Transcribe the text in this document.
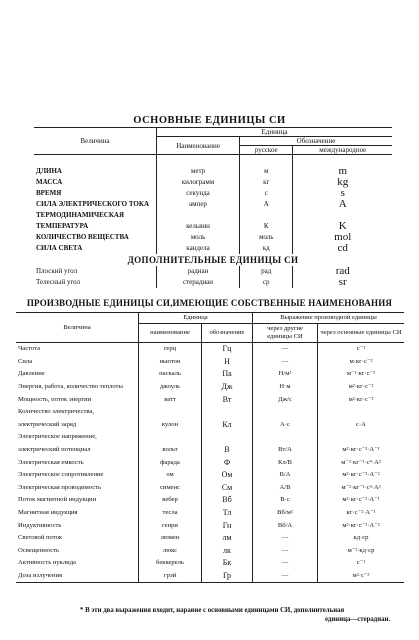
ОСНОВНЫЕ ЕДИНИЦЫ СИ
Величина	Единица		
	Наименование	Обозначение	
		русское	международное

ДЛИНА	метр	м	m
МАССА	килограмм	кг	kg
ВРЕМЯ	секунда	с	s
СИЛА ЭЛЕКТРИЧЕСКОГО ТОКА	ампер	А	A
ТЕРМОДИНАМИЧЕСКАЯ			
ТЕМПЕРАТУРА	кельвин	К	K
КОЛИЧЕСТВО ВЕЩЕСТВА	моль	моль	mol
СИЛА СВЕТА	кандела	кд	cd
ДОПОЛНИТЕЛЬНЫЕ ЕДИНИЦЫ СИ			
Плоский угол	радиан	рад	rad
Телесный угол	стерадиан	ср	sr
ПРОИЗВОДНЫЕ ЕДИНИЦЫ СИ,ИМЕЮЩИЕ СОБСТВЕННЫЕ НАИМЕНОВАНИЯ
Величина	Единица		Выражение производной единицы	
	наименование	обозначение	через другие единицы СИ	через основные единицы СИ
Частота	герц	Гц	—	с⁻¹
Сила	ньютон	Н	—	м·кг·с⁻²
Давление	паскаль	Па	Н/м²	м⁻¹·кг·с⁻²
Энергия, работа, количество теплоты	джоуль	Дж	Н·м	м²·кг·с⁻²
Мощность, поток энергии	ватт	Вт	Дж/с	м²·кг·с⁻³
Количество электричества,				
электрический заряд	кулон	Кл	А·с	с·А
Электрическое напряжение,				
электрический потенциал	вольт	В	Вт/А	м²·кг·с⁻³·А⁻¹
Электрическая емкость	фарада	Ф	Кл/В	м⁻²·кг⁻¹·с⁴·А²
Электрическое сопротивление	ом	Ом	В/А	м²·кг·с⁻³·А⁻²
Электрическая проводимость	сименс	См	А/В	м⁻²·кг⁻¹·с³·А²
Поток магнитной индукции	вебер	Вб	В·с	м²·кг·с⁻²·А⁻¹
Магнитная индукция	тесла	Тл	Вб/м²	кг·с⁻²·А⁻¹
Индуктивность	генри	Гн	Вб/А	м²·кг·с⁻²·А⁻²
Световой поток	люмен	лм	—	кд·ср
Освещенность	люкс	лк	—	м⁻²·кд·ср
Активность нуклида	беккерель	Бк	—	с⁻¹
Доза излучения	грэй	Гр	—	м²·с⁻²
* В эти два выражения входит, наравне с основными единицами СИ, дополнительная
единица—стерадиан.
